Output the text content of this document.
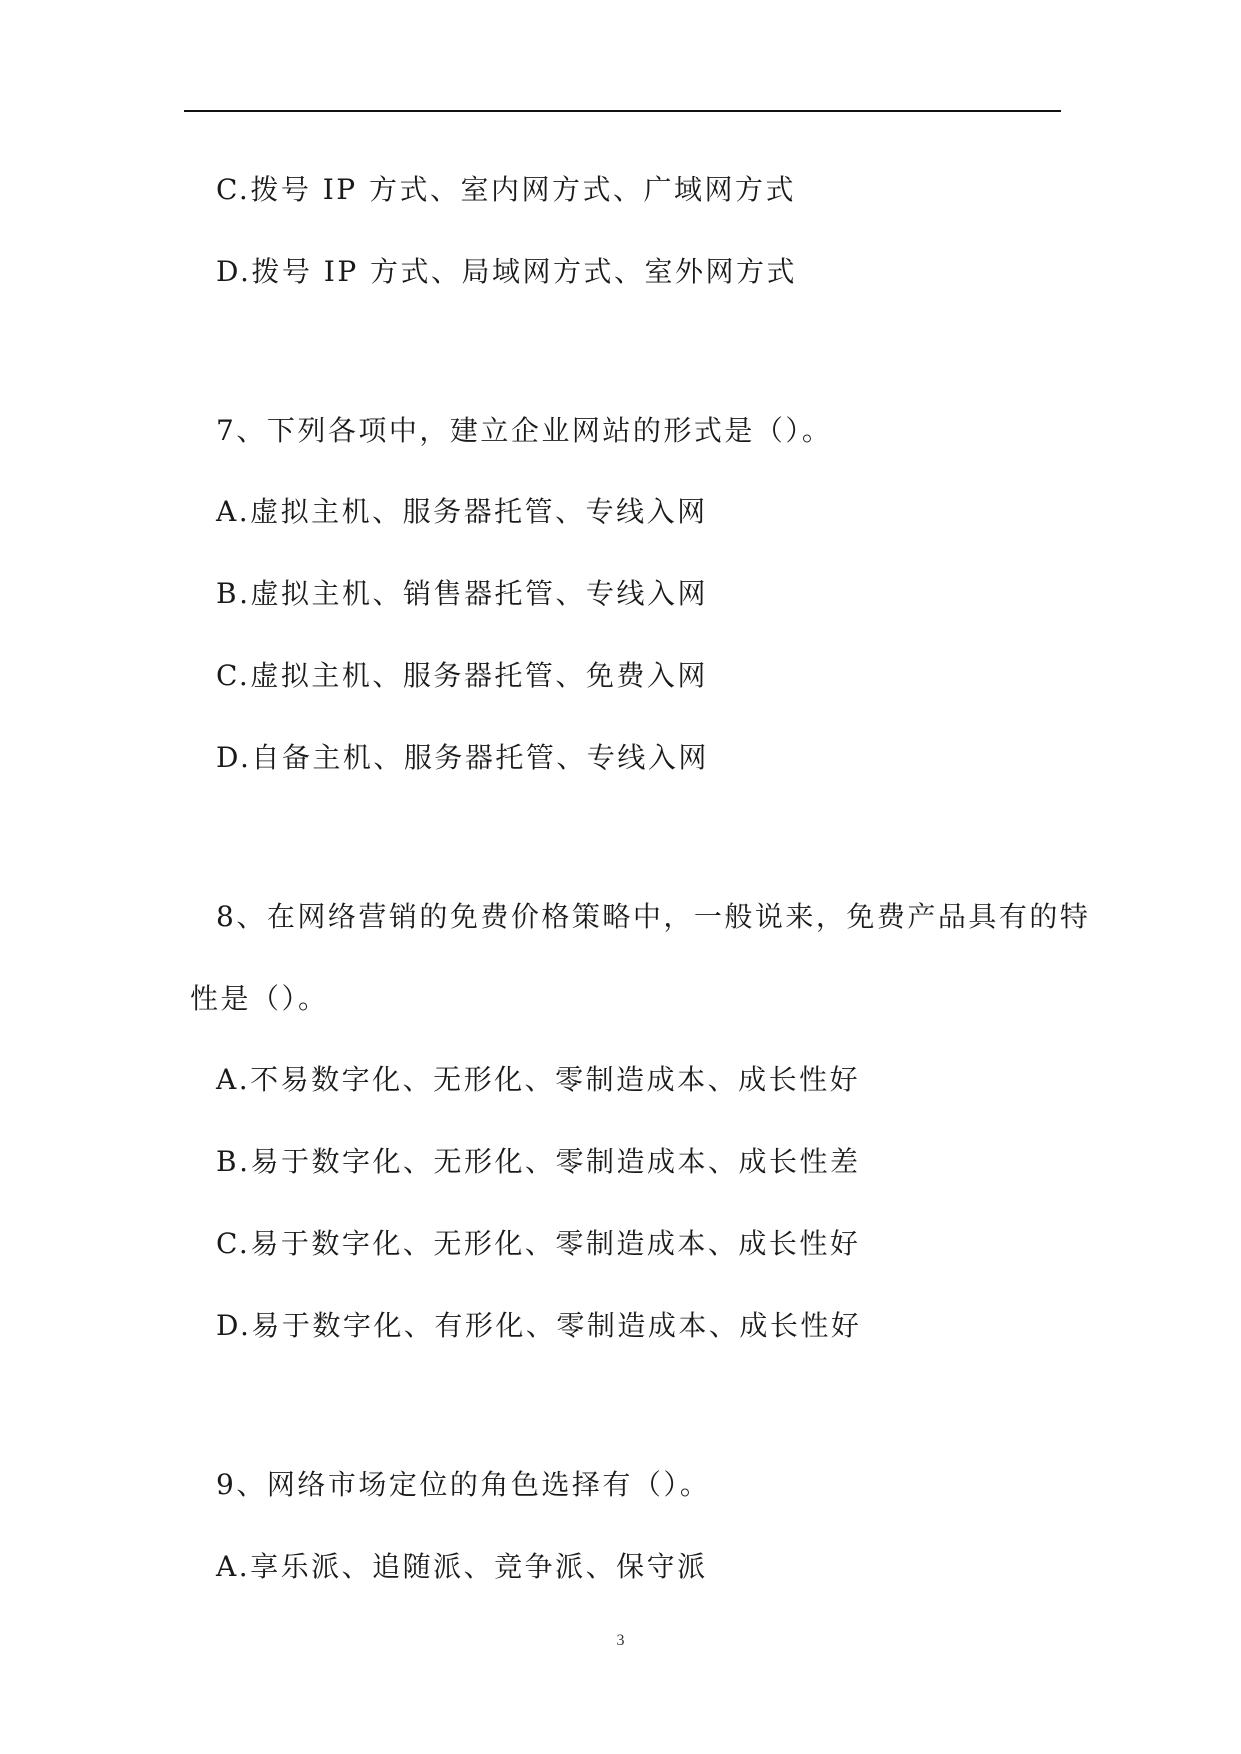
C.拨号 IP 方式、室内网方式、广域网方式
D.拨号 IP 方式、局域网方式、室外网方式
7、下列各项中，建立企业网站的形式是（）。
A.虚拟主机、服务器托管、专线入网
B.虚拟主机、销售器托管、专线入网
C.虚拟主机、服务器托管、免费入网
D.自备主机、服务器托管、专线入网
8、在网络营销的免费价格策略中，一般说来，免费产品具有的特
性是（）。
A.不易数字化、无形化、零制造成本、成长性好
B.易于数字化、无形化、零制造成本、成长性差
C.易于数字化、无形化、零制造成本、成长性好
D.易于数字化、有形化、零制造成本、成长性好
9、网络市场定位的角色选择有（）。
A.享乐派、追随派、竞争派、保守派
3
